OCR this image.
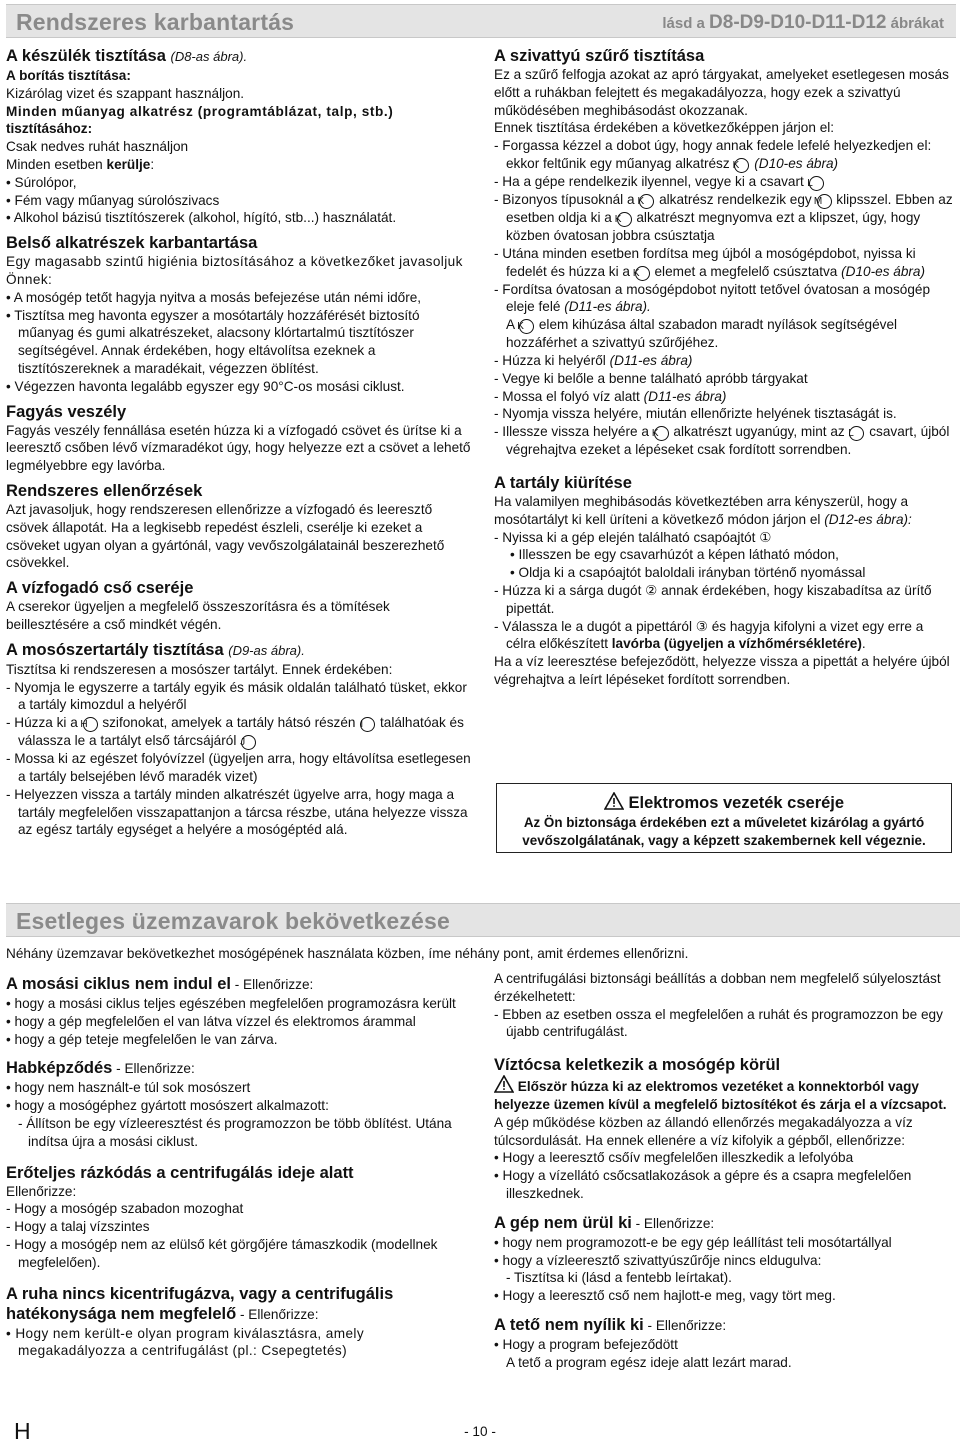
Rendszeres karbantartás	lásd a D8-D9-D10-D11-D12 ábrákat
A készülék tisztítása (D8-as ábra).

A borítás tisztítása:

Kizárólag vizet és szappant használjon.

Minden műanyag alkatrész (programtáblázat, talp, stb.)

tisztításához:

Csak nedves ruhát használjon

Minden esetben kerülje:

• Súrolópor,

• Fém vagy műanyag súrolószivacs

• Alkohol bázisú tisztítószerek (alkohol, hígító, stb...) használatát.

Belső alkatrészek karbantartása

Egy magasabb szintű higiénia biztosításához a következőket javasoljuk Önnek:

• A mosógép tetőt hagyja nyitva a mosás befejezése után némi időre,

• Tisztítsa meg havonta egyszer a mosótartály hozzáférését biztosító műanyag és gumi alkatrészeket, alacsony klórtartalmú tisztítószer segítségével. Annak érdekében, hogy eltávolítsa ezeknek a tisztítószereknek a maradékait, végezzen öblítést.

• Végezzen havonta legalább egyszer egy 90°C-os mosási ciklust.

Fagyás veszély

Fagyás veszély fennállása esetén húzza ki a vízfogadó csövet és ürítse ki a leeresztő csőben lévő vízmaradékot úgy, hogy helyezze ezt a csövet a lehető legmélyebbre egy lavórba.

Rendszeres ellenőrzések

Azt javasoljuk, hogy rendszeresen ellenőrizze a vízfogadó és leeresztő csövek állapotát. Ha a legkisebb repedést észleli, cserélje ki ezeket a csöveket ugyan olyan a gyártónál, vagy vevőszolgálatainál beszerezhető csövekkel.

A vízfogadó cső cseréje

A cserekor ügyeljen a megfelelő összeszorításra és a tömítések beillesztésére a cső mindkét végén.

A mosószertartály tisztítása (D9-as ábra).

Tisztítsa ki rendszeresen a mosószer tartályt. Ennek érdekében:

- Nyomja le egyszerre a tartály egyik és másik oldalán található tüsket, ekkor a tartály kimozdul a helyéről

- Húzza ki a H szifonokat, amelyek a tartály hátsó részén I találhatóak és válassza le a tartályt első tárcsájáról J

- Mossa ki az egészet folyóvízzel (ügyeljen arra, hogy eltávolítsa esetlegesen a tartály belsejében lévő maradék vizet)

- Helyezzen vissza a tartály minden alkatrészét ügyelve arra, hogy maga a tartály megfelelően visszapattanjon a tárcsa részbe, utána helyezze vissza az egész tartály egységet a helyére a mosógéptéd alá.

A szivattyú szűrő tisztítása

Ez a szűrő felfogja azokat az apró tárgyakat, amelyeket esetlegesen mosás előtt a ruhákban felejtett és megakadályozza, hogy ezek a szivattyú működésében meghibásodást okozzanak.

Ennek tisztítása érdekében a következőképpen járjon el:

- Forgassa kézzel a dobot úgy, hogy annak fedele lefelé helyezkedjen el: ekkor feltűnik egy műanyag alkatrész K (D10-es ábra)

- Ha a gépe rendelkezik ilyennel, vegye ki a csavart L

- Bizonyos típusoknál a K alkatrész rendelkezik egy M klipsszel. Ebben az esetben oldja ki a K alkatrészt megnyomva ezt a klipszet, úgy, hogy közben óvatosan jobbra csúsztatja

- Utána minden esetben fordítsa meg újból a mosógépdobot, nyissa ki fedelét és húzza ki a K elemet a megfelelő csúsztatva (D10-es ábra)

- Fordítsa óvatosan a mosógépdobot nyitott tetővel óvatosan a mosógép eleje felé (D11-es ábra).
A K elem kihúzása által szabadon maradt nyílások segítségével hozzáférhet a szivattyú szűrőjéhez.

- Húzza ki helyéről (D11-es ábra)

- Vegye ki belőle a benne található apróbb tárgyakat

- Mossa el folyó víz alatt (D11-es ábra)

- Nyomja vissza helyére, miután ellenőrizte helyének tisztaságát is.

- Illessze vissza helyére a K alkatrészt ugyanúgy, mint az L csavart, újból végrehajtva ezeket a lépéseket csak fordított sorrendben.

A tartály kiürítése

Ha valamilyen meghibásodás következtében arra kényszerül, hogy a mosótartályt ki kell üríteni a következő módon járjon el (D12-es ábra):

- Nyissa ki a gép elején található csapóajtót ①

• Illesszen be egy csavarhúzót a képen látható módon,

• Oldja ki a csapóajtót baloldali irányban történő nyomással

- Húzza ki a sárga dugót ② annak érdekében, hogy kiszabadítsa az ürítő pipettát.

- Válassza le a dugót a pipettáról ③ és hagyja kifolyni a vizet egy erre a célra előkészített lavórba (ügyeljen a vízhőmérsékletére).

Ha a víz leeresztése befejeződött, helyezze vissza a pipettát a helyére újból végrehajtva a leírt lépéseket fordított sorrendben.

Elektromos vezeték cseréje
Az Ön biztonsága érdekében ezt a műveletet kizárólag a gyártó vevőszolgálatának, vagy a képzett szakembernek kell végeznie.
Esetleges üzemzavarok bekövetkezése

Néhány üzemzavar bekövetkezhet mosógépének használata közben, íme néhány pont, amit érdemes ellenőrizni.

A mosási ciklus nem indul el - Ellenőrizze:

• hogy a mosási ciklus teljes egészében megfelelően programozásra került

• hogy a gép megfelelően el van látva vízzel és elektromos árammal

• hogy a gép teteje megfelelően le van zárva.

Habképződés - Ellenőrizze:

• hogy nem használt-e túl sok mosószert

• hogy a mosógéphez gyártott mosószert alkalmazott:

- Állítson be egy vízleeresztést és programozzon be több öblítést. Utána indítsa újra a mosási ciklust.

Erőteljes rázkódás a centrifugálás ideje alatt

Ellenőrizze:

- Hogy a mosógép szabadon mozoghat

- Hogy a talaj vízszintes

- Hogy a mosógép nem az elülső két görgőjére támaszkodik (modellnek megfelelően).

A ruha nincs kicentrifugázva, vagy a centrifugális hatékonysága nem megfelelő - Ellenőrizze:

• Hogy nem került-e olyan program kiválasztásra, amely megakadályozza a centrifugálást (pl.: Csepegtetés)

A centrifugálási biztonsági beállítás a dobban nem megfelelő súlyelosztást érzékelhetett:

- Ebben az esetben ossza el megfelelően a ruhát és programozzon be egy újabb centrifugálást.

Víztócsa keletkezik a mosógép körül

Először húzza ki az elektromos vezetéket a konnektorból vagy helyezze üzemen kívül a megfelelő biztosítékot és zárja el a vízcsapot.

A gép működése közben az állandó ellenőrzés megakadályozza a víz túlcsordulását. Ha ennek ellenére a víz kifolyik a gépből, ellenőrizze:

• Hogy a leeresztő csőív megfelelően illeszkedik a lefolyóba

• Hogy a vízellátó csőcsatlakozások a gépre és a csapra megfelelően illeszkednek.

A gép nem ürül ki - Ellenőrizze:

• hogy nem programozott-e be egy gép leállítást teli mosótartállyal

• hogy a vízleeresztő szivattyúszűrője nincs eldugulva:

- Tisztítsa ki (lásd a fentebb leírtakat).

• Hogy a leeresztő cső nem hajlott-e meg, vagy tört meg.

A tető nem nyílik ki - Ellenőrizze:

• Hogy a program befejeződött

A tető a program egész ideje alatt lezárt marad.

H	- 10 -
